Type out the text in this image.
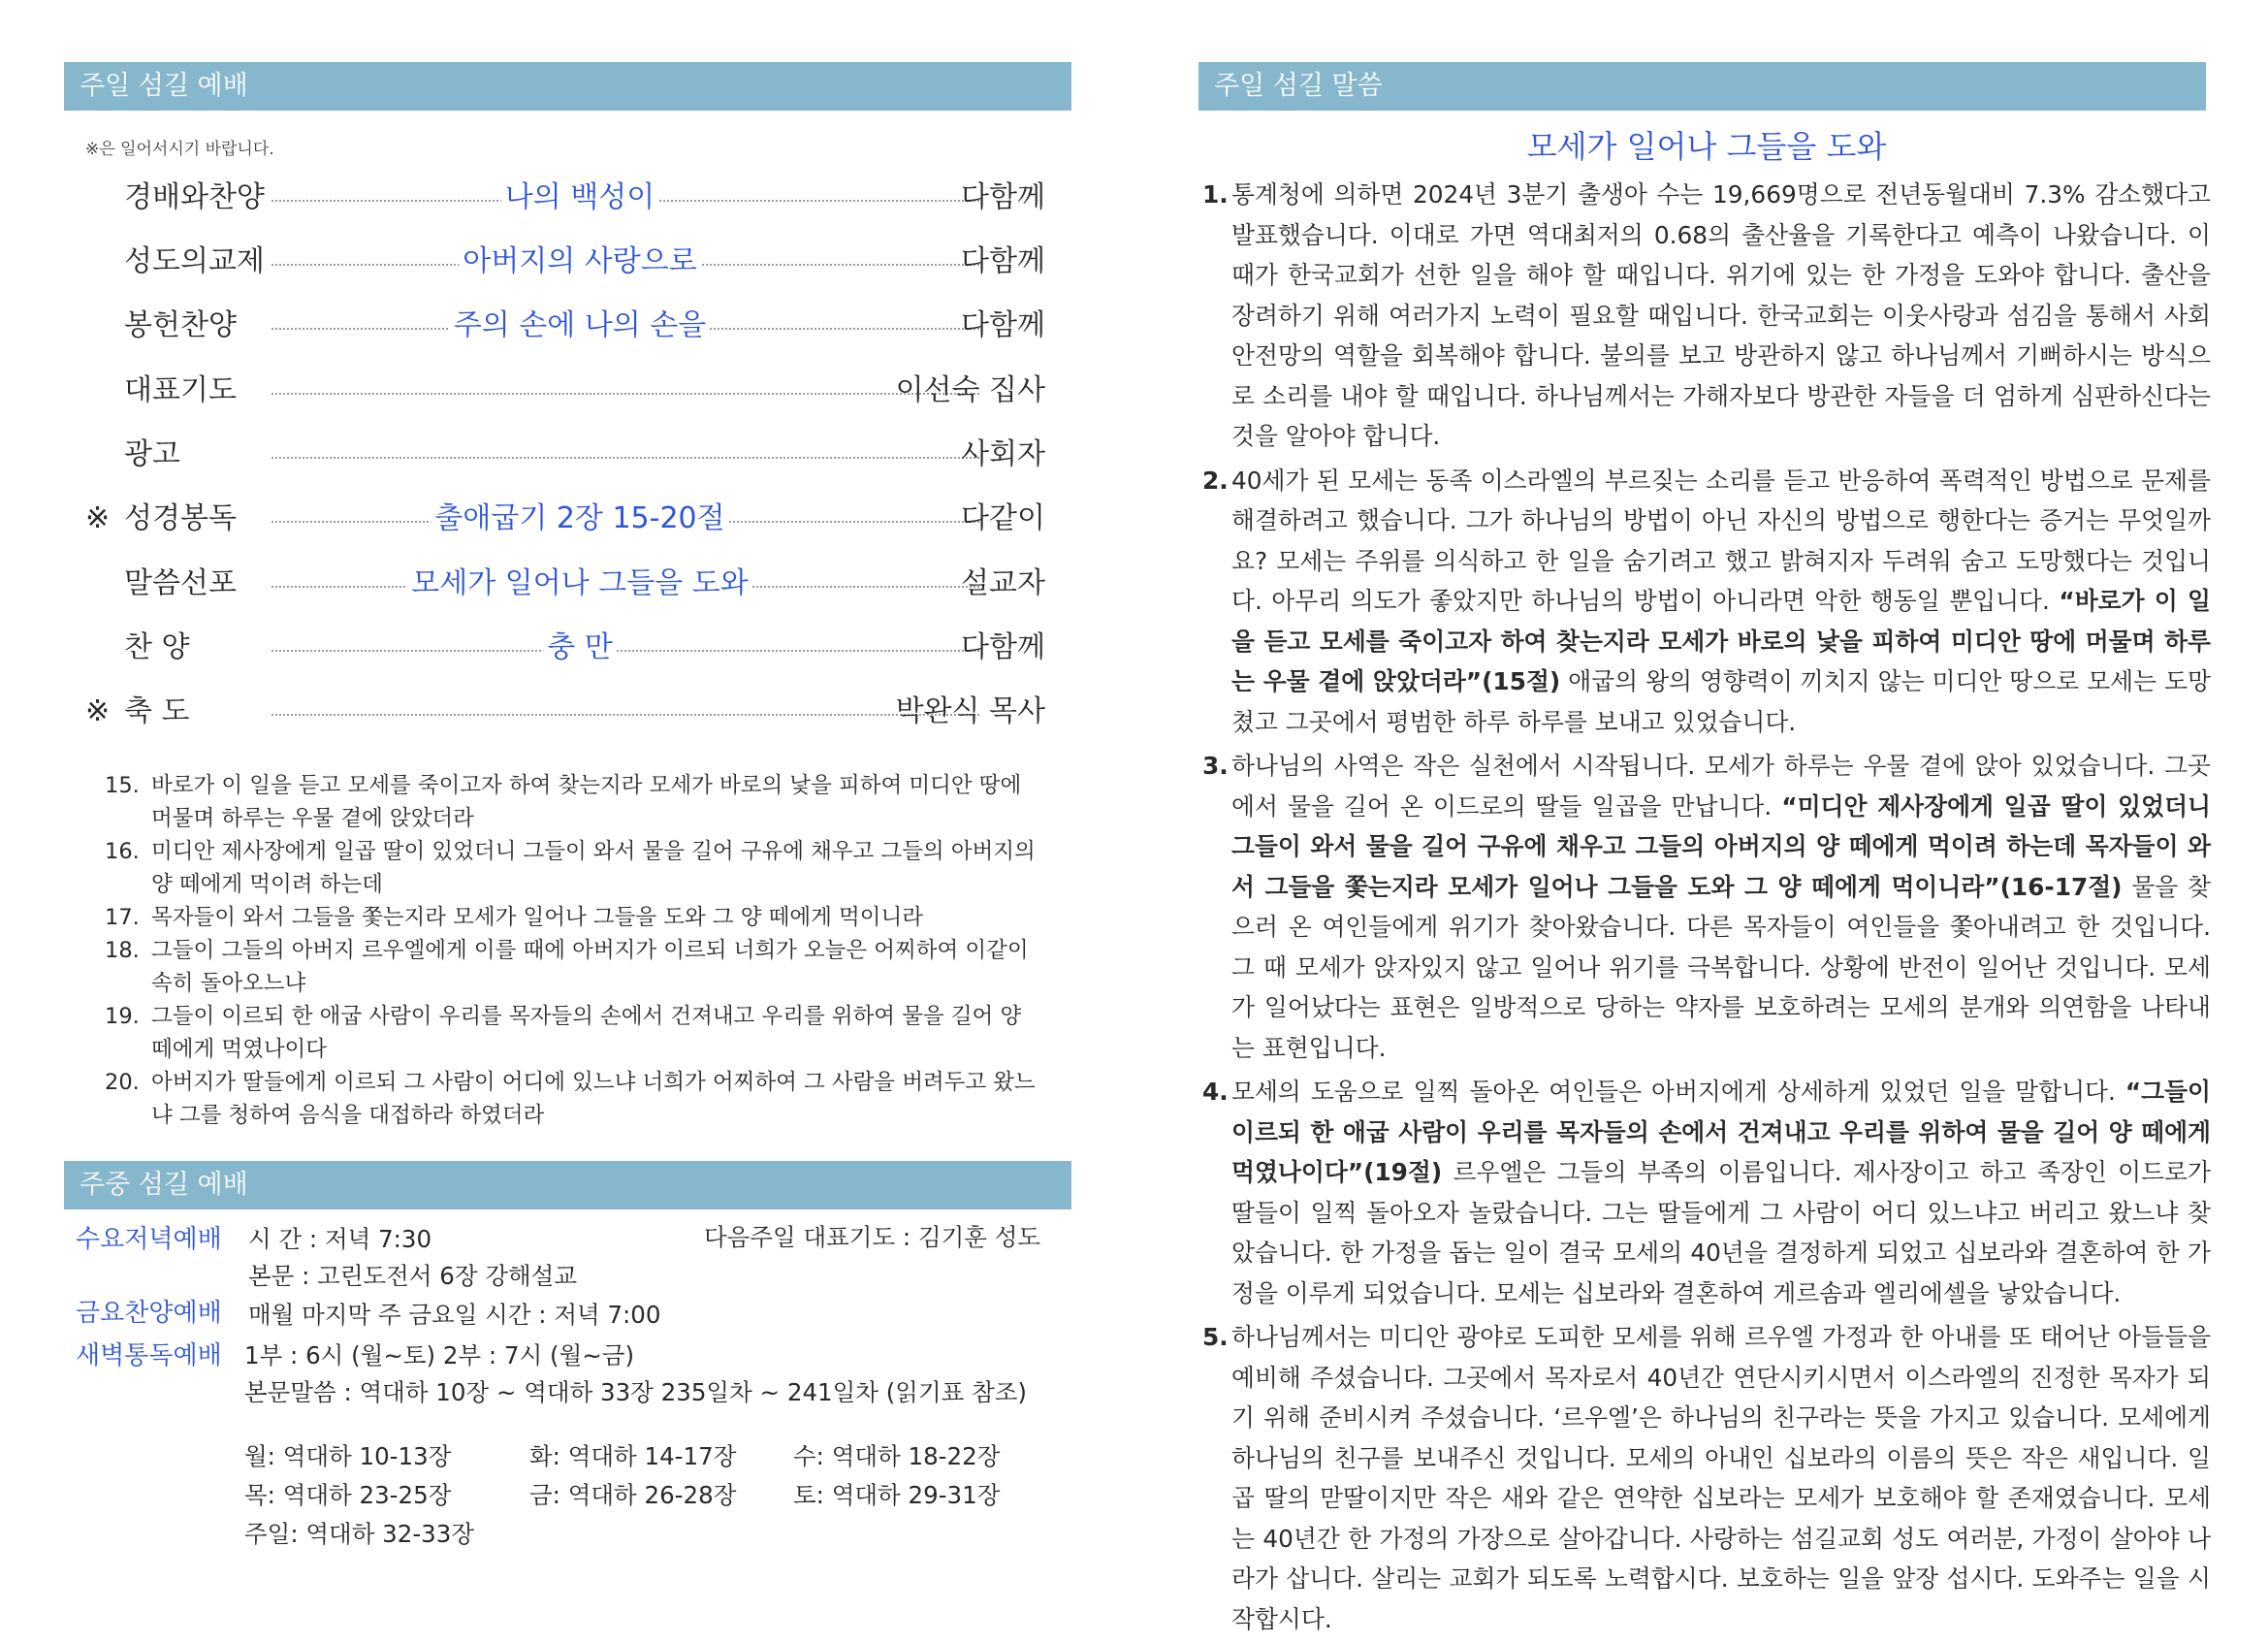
주일 섬길 예배
※은 일어서시기 바랍니다.
경배와찬양	나의 백성이	다함께
성도의교제	아버지의 사랑으로	다함께
봉헌찬양	주의 손에 나의 손을	다함께
대표기도	이선숙 집사
광고	사회자
※ 성경봉독	출애굽기 2장 15-20절	다같이
말씀선포	모세가 일어나 그들을 도와	설교자
찬 양	충 만	다함께
※ 축 도	박완식 목사
15. 바로가 이 일을 듣고 모세를 죽이고자 하여 찾는지라 모세가 바로의 낯을 피하여 미디안 땅에 머물며 하루는 우물 곁에 앉았더라
16. 미디안 제사장에게 일곱 딸이 있었더니 그들이 와서 물을 길어 구유에 채우고 그들의 아버지의 양 떼에게 먹이려 하는데
17. 목자들이 와서 그들을 쫓는지라 모세가 일어나 그들을 도와 그 양 떼에게 먹이니라
18. 그들이 그들의 아버지 르우엘에게 이를 때에 아버지가 이르되 너희가 오늘은 어찌하여 이같이 속히 돌아오느냐
19. 그들이 이르되 한 애굽 사람이 우리를 목자들의 손에서 건져내고 우리를 위하여 물을 길어 양 떼에게 먹였나이다
20. 아버지가 딸들에게 이르되 그 사람이 어디에 있느냐 너희가 어찌하여 그 사람을 버려두고 왔느냐 그를 청하여 음식을 대접하라 하였더라
주중 섬길 예배
수요저녁예배 시 간 : 저녁 7:30	다음주일 대표기도 : 김기훈 성도
본문 : 고린도전서 6장 강해설교
금요찬양예배 매월 마지막 주 금요일 시간 : 저녁 7:00
새벽통독예배 1부 : 6시 (월~토) 2부 : 7시 (월~금)
본문말씀 : 역대하 10장 ~ 역대하 33장 235일차 ~ 241일차 (읽기표 참조)
월: 역대하 10-13장	화: 역대하 14-17장 수: 역대하 18-22장
목: 역대하 23-25장	금: 역대하 26-28장 토: 역대하 29-31장
주일: 역대하 32-33장
주일 섬길 말씀
모세가 일어나 그들을 도와
1. 통계청에 의하면 2024년 3분기 출생아 수는 19,669명으로 전년동월대비 7.3% 감소했다고 발표했습니다. 이대로 가면 역대최저의 0.68의 출산율을 기록한다고 예측이 나왔습니다. 이 때가 한국교회가 선한 일을 해야 할 때입니다. 위기에 있는 한 가정을 도와야 합니다. 출산을 장려하기 위해 여러가지 노력이 필요할 때입니다. 한국교회는 이웃사랑과 섬김을 통해서 사회안전망의 역할을 회복해야 합니다. 불의를 보고 방관하지 않고 하나님께서 기뻐하시는 방식으로 소리를 내야 할 때입니다. 하나님께서는 가해자보다 방관한 자들을 더 엄하게 심판하신다는 것을 알아야 합니다.
2. 40세가 된 모세는 동족 이스라엘의 부르짖는 소리를 듣고 반응하여 폭력적인 방법으로 문제를 해결하려고 했습니다. 그가 하나님의 방법이 아닌 자신의 방법으로 행한다는 증거는 무엇일까요? 모세는 주위를 의식하고 한 일을 숨기려고 했고 밝혀지자 두려워 숨고 도망했다는 것입니다. 아무리 의도가 좋았지만 하나님의 방법이 아니라면 악한 행동일 뿐입니다. “바로가 이 일을 듣고 모세를 죽이고자 하여 찾는지라 모세가 바로의 낯을 피하여 미디안 땅에 머물며 하루는 우물 곁에 앉았더라”(15절) 애굽의 왕의 영향력이 끼치지 않는 미디안 땅으로 모세는 도망쳤고 그곳에서 평범한 하루 하루를 보내고 있었습니다.
3. 하나님의 사역은 작은 실천에서 시작됩니다. 모세가 하루는 우물 곁에 앉아 있었습니다. 그곳에서 물을 길어 온 이드로의 딸들 일곱을 만납니다. “미디안 제사장에게 일곱 딸이 있었더니 그들이 와서 물을 길어 구유에 채우고 그들의 아버지의 양 떼에게 먹이려 하는데 목자들이 와서 그들을 쫓는지라 모세가 일어나 그들을 도와 그 양 떼에게 먹이니라”(16-17절) 물을 찾으러 온 여인들에게 위기가 찾아왔습니다. 다른 목자들이 여인들을 쫓아내려고 한 것입니다. 그 때 모세가 앉자있지 않고 일어나 위기를 극복합니다. 상황에 반전이 일어난 것입니다. 모세가 일어났다는 표현은 일방적으로 당하는 약자를 보호하려는 모세의 분개와 의연함을 나타내는 표현입니다.
4. 모세의 도움으로 일찍 돌아온 여인들은 아버지에게 상세하게 있었던 일을 말합니다. “그들이 이르되 한 애굽 사람이 우리를 목자들의 손에서 건져내고 우리를 위하여 물을 길어 양 떼에게 먹였나이다”(19절) 르우엘은 그들의 부족의 이름입니다. 제사장이고 하고 족장인 이드로가 딸들이 일찍 돌아오자 놀랐습니다. 그는 딸들에게 그 사람이 어디 있느냐고 버리고 왔느냐 찾았습니다. 한 가정을 돕는 일이 결국 모세의 40년을 결정하게 되었고 십보라와 결혼하여 한 가정을 이루게 되었습니다. 모세는 십보라와 결혼하여 게르솜과 엘리에셀을 낳았습니다.
5. 하나님께서는 미디안 광야로 도피한 모세를 위해 르우엘 가정과 한 아내를 또 태어난 아들들을 예비해 주셨습니다. 그곳에서 목자로서 40년간 연단시키시면서 이스라엘의 진정한 목자가 되기 위해 준비시켜 주셨습니다. ‘르우엘’은 하나님의 친구라는 뜻을 가지고 있습니다. 모세에게 하나님의 친구를 보내주신 것입니다. 모세의 아내인 십보라의 이름의 뜻은 작은 새입니다. 일곱 딸의 맏딸이지만 작은 새와 같은 연약한 십보라는 모세가 보호해야 할 존재였습니다. 모세는 40년간 한 가정의 가장으로 살아갑니다. 사랑하는 섬길교회 성도 여러분, 가정이 살아야 나라가 삽니다. 살리는 교회가 되도록 노력합시다. 보호하는 일을 앞장 섭시다. 도와주는 일을 시작합시다.
